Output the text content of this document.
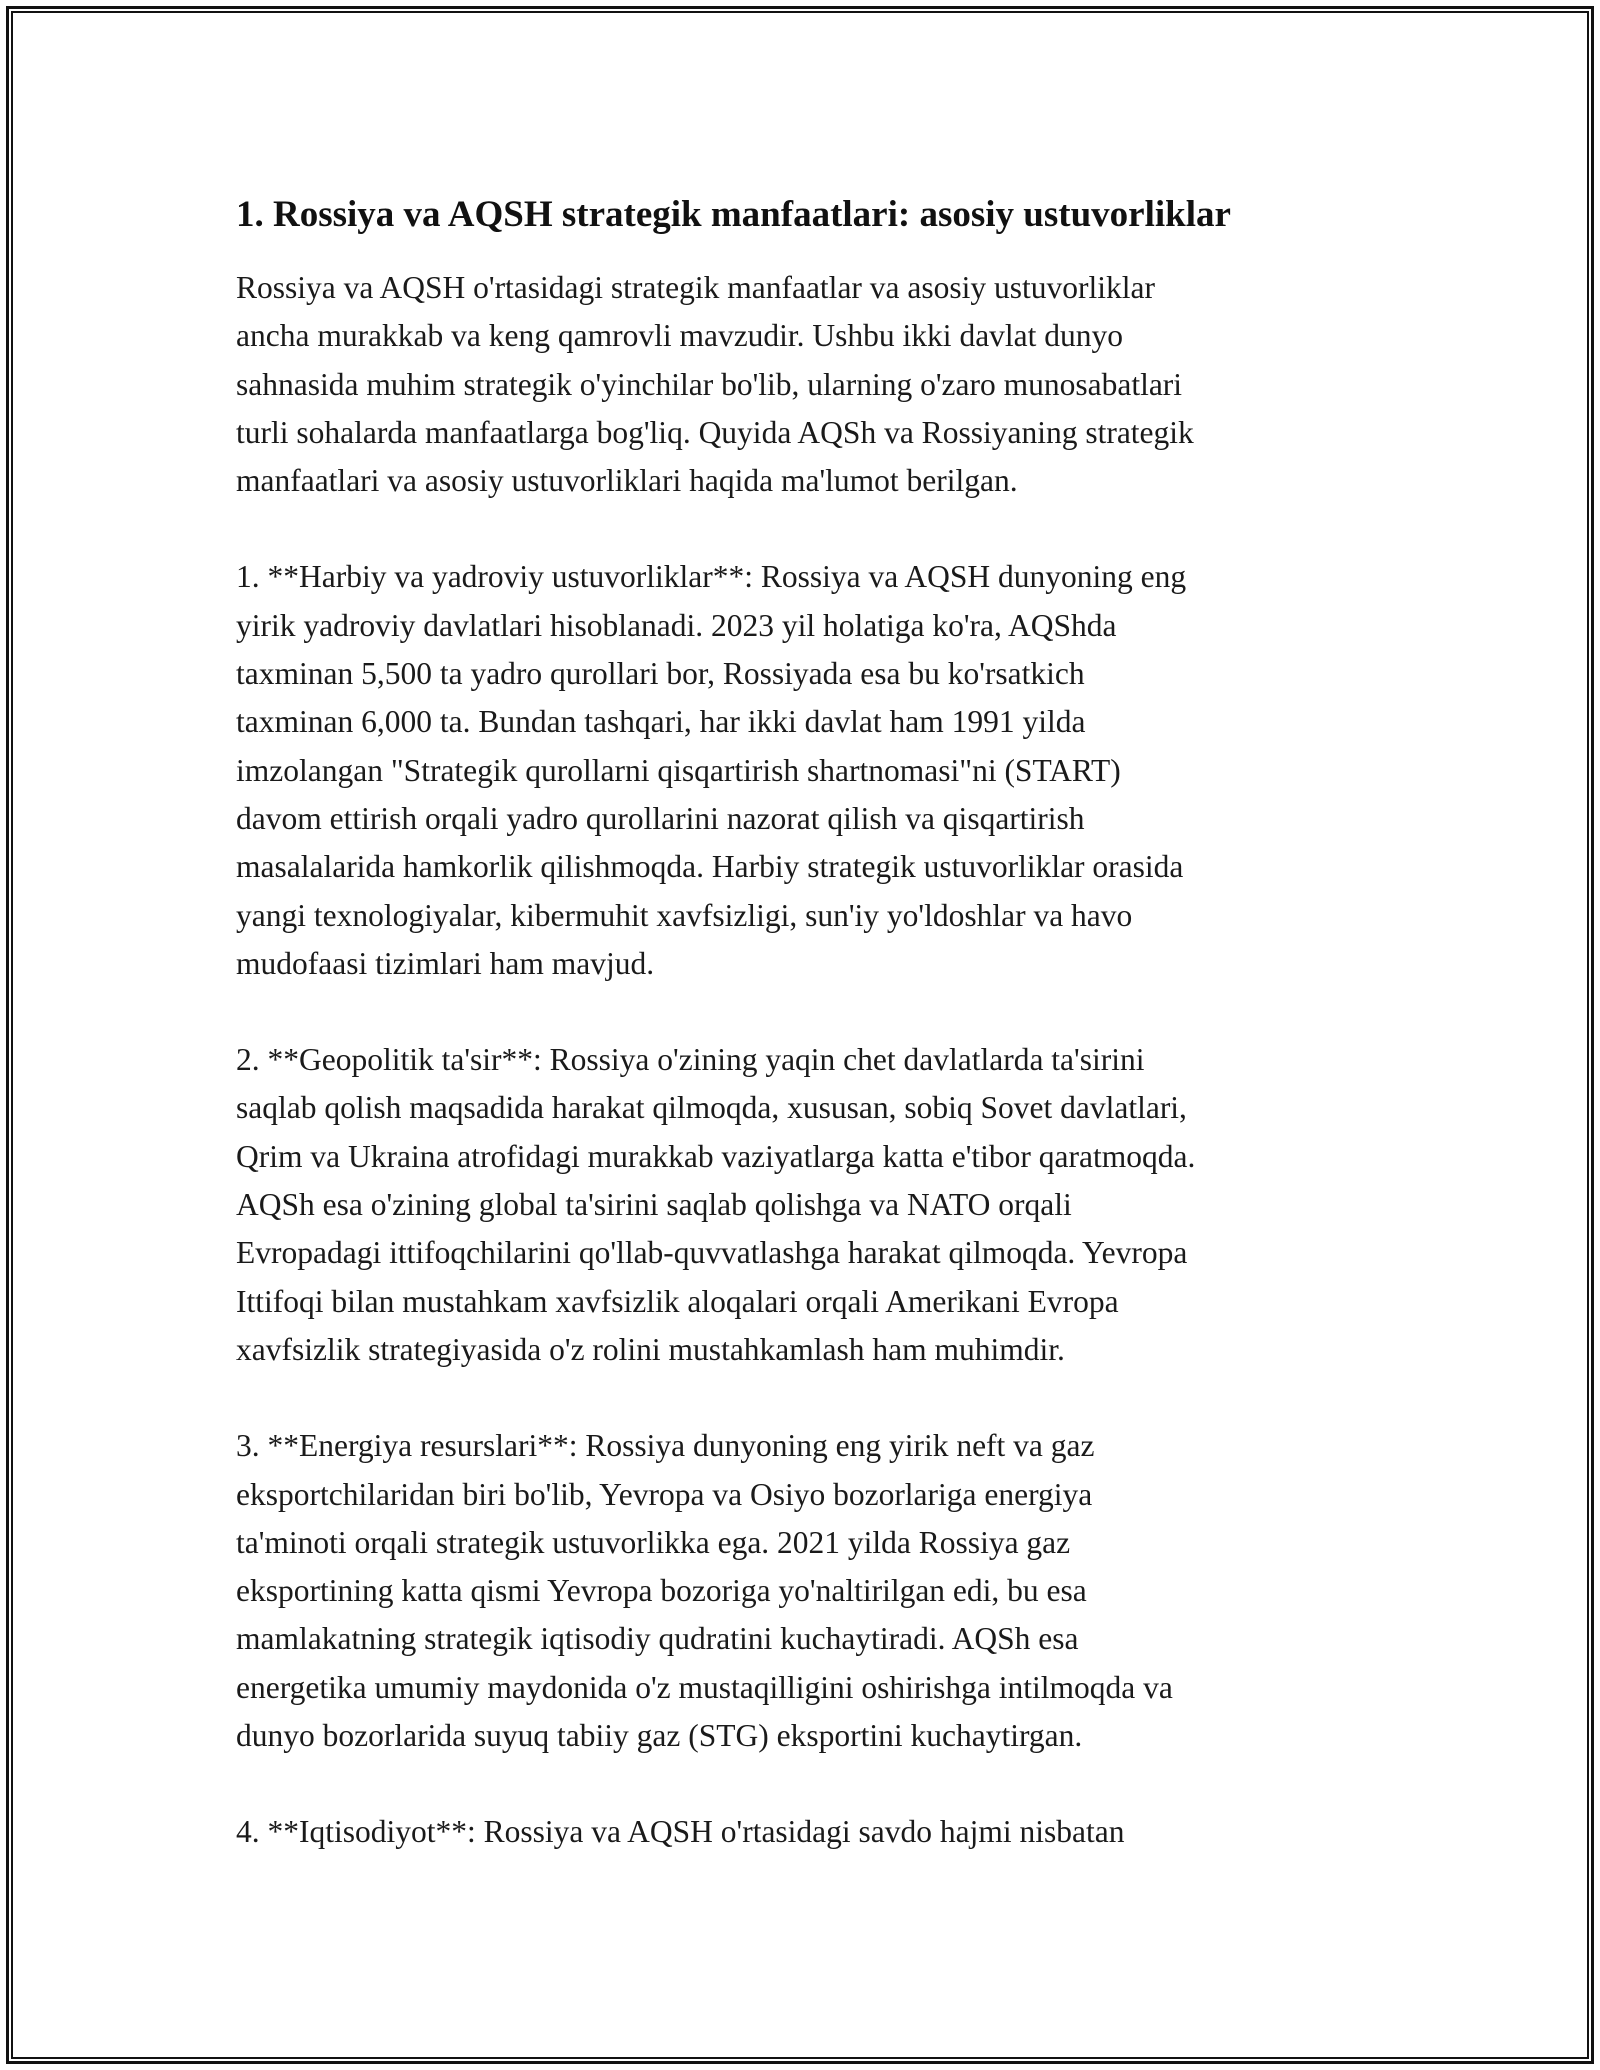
1. Rossiya va AQSH strategik manfaatlari: asosiy ustuvorliklar
Rossiya va AQSH o'rtasidagi strategik manfaatlar va asosiy ustuvorliklar
ancha murakkab va keng qamrovli mavzudir. Ushbu ikki davlat dunyo
sahnasida muhim strategik o'yinchilar bo'lib, ularning o'zaro munosabatlari
turli sohalarda manfaatlarga bog'liq. Quyida AQSh va Rossiyaning strategik
manfaatlari va asosiy ustuvorliklari haqida ma'lumot berilgan.
1. **Harbiy va yadroviy ustuvorliklar**: Rossiya va AQSH dunyoning eng
yirik yadroviy davlatlari hisoblanadi. 2023 yil holatiga ko'ra, AQShda
taxminan 5,500 ta yadro qurollari bor, Rossiyada esa bu ko'rsatkich
taxminan 6,000 ta. Bundan tashqari, har ikki davlat ham 1991 yilda
imzolangan "Strategik qurollarni qisqartirish shartnomasi"ni (START)
davom ettirish orqali yadro qurollarini nazorat qilish va qisqartirish
masalalarida hamkorlik qilishmoqda. Harbiy strategik ustuvorliklar orasida
yangi texnologiyalar, kibermuhit xavfsizligi, sun'iy yo'ldoshlar va havo
mudofaasi tizimlari ham mavjud.
2. **Geopolitik ta'sir**: Rossiya o'zining yaqin chet davlatlarda ta'sirini
saqlab qolish maqsadida harakat qilmoqda, xususan, sobiq Sovet davlatlari,
Qrim va Ukraina atrofidagi murakkab vaziyatlarga katta e'tibor qaratmoqda.
AQSh esa o'zining global ta'sirini saqlab qolishga va NATO orqali
Evropadagi ittifoqchilarini qo'llab-quvvatlashga harakat qilmoqda. Yevropa
Ittifoqi bilan mustahkam xavfsizlik aloqalari orqali Amerikani Evropa
xavfsizlik strategiyasida o'z rolini mustahkamlash ham muhimdir.
3. **Energiya resurslari**: Rossiya dunyoning eng yirik neft va gaz
eksportchilaridan biri bo'lib, Yevropa va Osiyo bozorlariga energiya
ta'minoti orqali strategik ustuvorlikka ega. 2021 yilda Rossiya gaz
eksportining katta qismi Yevropa bozoriga yo'naltirilgan edi, bu esa
mamlakatning strategik iqtisodiy qudratini kuchaytiradi. AQSh esa
energetika umumiy maydonida o'z mustaqilligini oshirishga intilmoqda va
dunyo bozorlarida suyuq tabiiy gaz (STG) eksportini kuchaytirgan.
4. **Iqtisodiyot**: Rossiya va AQSH o'rtasidagi savdo hajmi nisbatan
